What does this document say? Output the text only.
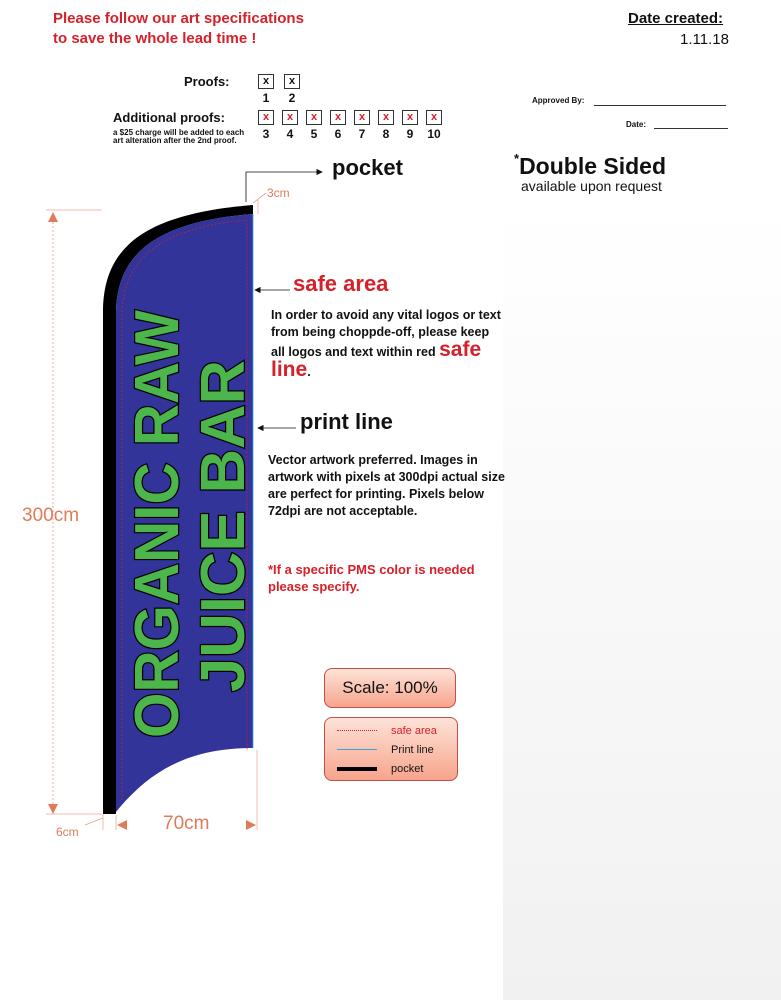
Please follow our art specifications
to save the whole lead time !
Date created:
1.11.18
Proofs:	x
1
x
2
x
3
x
4
x
5
x
6
x
7
x
8
x
9
x
10
Additional proofs:
a $25 charge will be added to each art alteration after the 2nd proof.
Approved By:
Date:
*Double Sided
available upon request
ORGANIC RAW
JUICE BAR
300cm
70cm
6cm
3cm
pocket
safe area
In order to avoid any vital logos or text from being choppde-off, please keep all logos and text within red safe line.
print line
Vector artwork preferred. Images in artwork with pixels at 300dpi actual size are perfect for printing. Pixels below 72dpi are not acceptable.
*If a specific PMS color is needed please specify.
Scale: 100%
safe area
Print line
pocket
